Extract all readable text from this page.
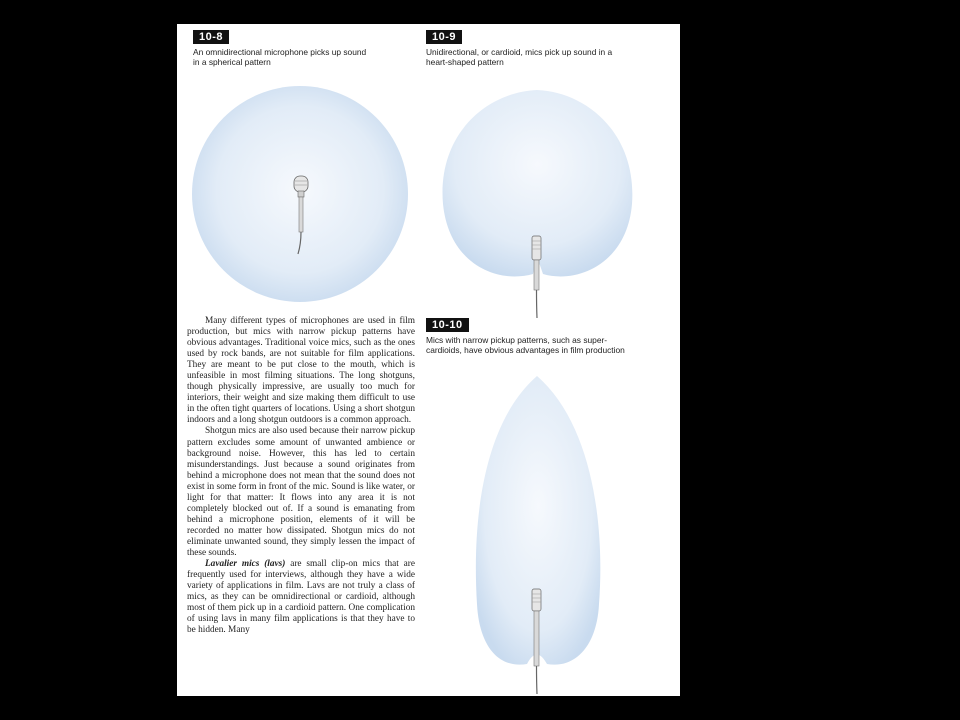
10-8
An omnidirectional microphone picks up sound
in a spherical pattern
10-9
Unidirectional, or cardioid, mics pick up sound in a
heart-shaped pattern

Many different types of microphones are used in film production, but mics with narrow pickup patterns have obvious advantages. Traditional voice mics, such as the ones used by rock bands, are not suitable for film applications. They are meant to be put close to the mouth, which is unfeasible in most filming situations. The long shotguns, though physically impressive, are usually too much for interiors, their weight and size making them difficult to use in the often tight quarters of locations. Using a short shotgun indoors and a long shotgun outdoors is a common approach.

Shotgun mics are also used because their narrow pickup pattern excludes some amount of unwanted ambience or background noise. However, this has led to certain misunderstandings. Just because a sound originates from behind a microphone does not mean that the sound does not exist in some form in front of the mic. Sound is like water, or light for that matter: It flows into any area it is not completely blocked out of. If a sound is emanating from behind a microphone position, elements of it will be recorded no matter how dissipated. Shotgun mics do not eliminate unwanted sound, they simply lessen the impact of these sounds.

Lavalier mics (lavs) are small clip-on mics that are frequently used for interviews, although they have a wide variety of applications in film. Lavs are not truly a class of mics, as they can be omnidirectional or cardioid, although most of them pick up in a cardioid pattern. One complication of using lavs in many film applications is that they have to be hidden. Many

10-10
Mics with narrow pickup patterns, such as super-
cardioids, have obvious advantages in film production
